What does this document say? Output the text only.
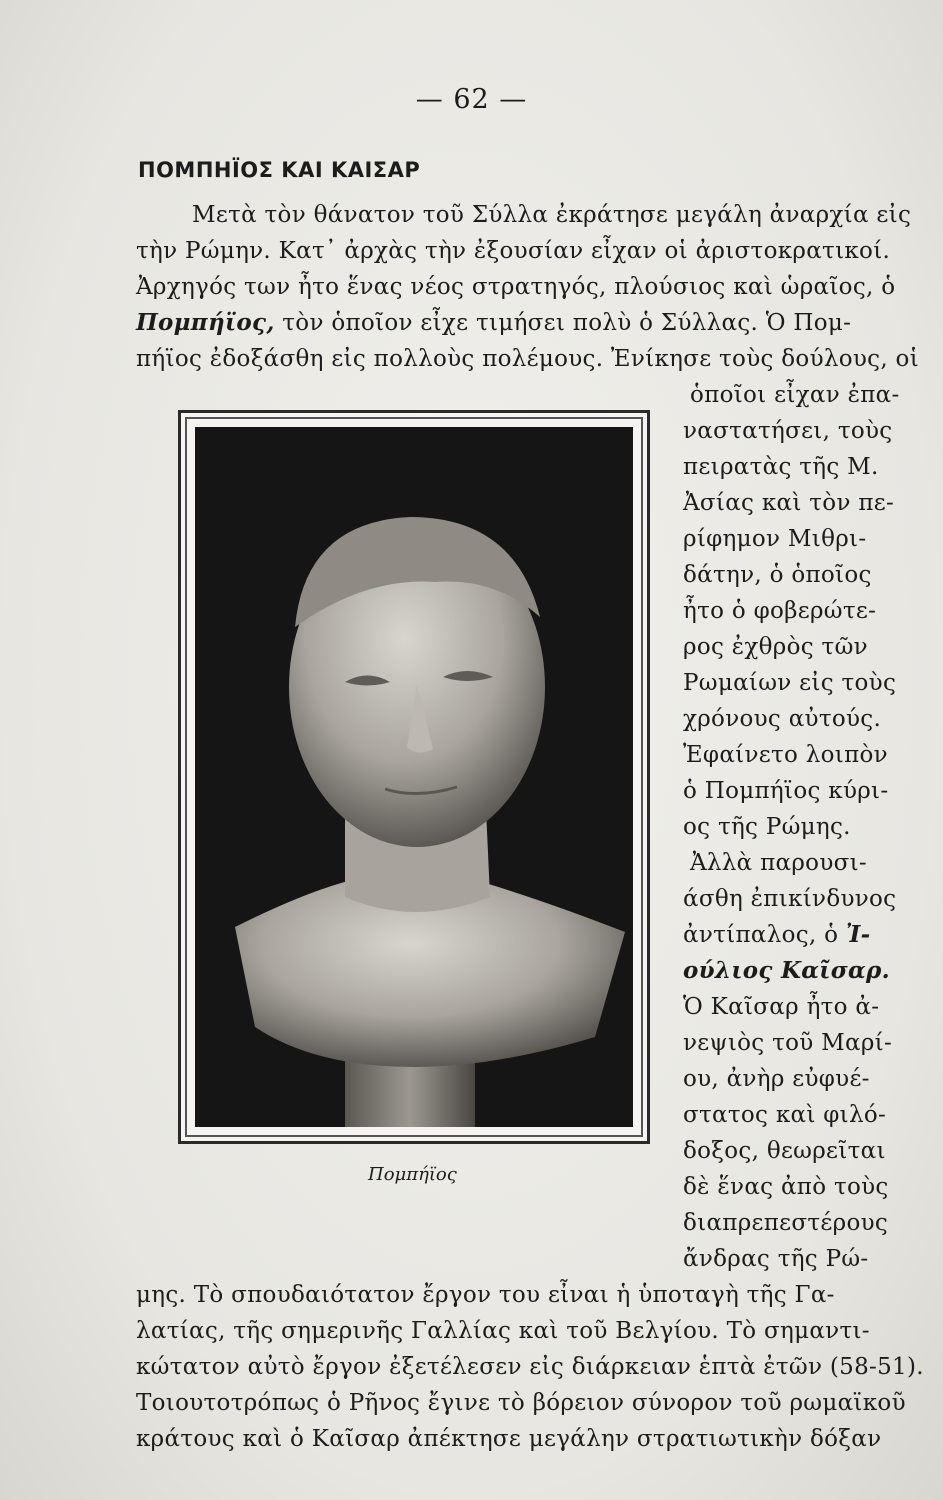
— 62 —
ΠΟΜΠΗΪΟΣ ΚΑΙ ΚΑΙΣΑΡ
Μετὰ τὸν θάνατον τοῦ Σύλλα ἐκράτησε μεγάλη ἀναρχία εἰς
τὴν Ρώμην. Κατ᾽ ἀρχὰς τὴν ἐξουσίαν εἶχαν οἱ ἀριστοκρατικοί.
Ἀρχηγός των ἦτο ἕνας νέος στρατηγός, πλούσιος καὶ ὡραῖος, ὁ
Πομπήϊος, τὸν ὁποῖον εἶχε τιμήσει πολὺ ὁ Σύλλας. Ὁ Πομ-
πήϊος ἐδοξάσθη εἰς πολλοὺς πολέμους. Ἐνίκησε τοὺς δούλους, οἱ
ὁποῖοι εἶχαν ἐπα-
ναστατήσει, τοὺς
πειρατὰς τῆς Μ.
Ἀσίας καὶ τὸν πε-
ρίφημον Μιθρι-
δάτην, ὁ ὁποῖος
ἦτο ὁ φοβερώτε-
ρος ἐχθρὸς τῶν
Ρωμαίων εἰς τοὺς
χρόνους αὐτούς.
Ἐφαίνετο λοιπὸν
ὁ Πομπήϊος κύρι-
ος τῆς Ρώμης.
Ἀλλὰ παρουσι-
άσθη ἐπικίνδυνος
ἀντίπαλος, ὁ Ἰ-
ούλιος Καῖσαρ.
Ὁ Καῖσαρ ἦτο ἀ-
νεψιὸς τοῦ Μαρί-
ου, ἀνὴρ εὐφυέ-
στατος καὶ φιλό-
δοξος, θεωρεῖται
δὲ ἕνας ἀπὸ τοὺς
διαπρεπεστέρους
ἄνδρας τῆς Ρώ-
μης. Τὸ σπουδαιότατον ἔργον του εἶναι ἡ ὑποταγὴ τῆς Γα-
λατίας, τῆς σημερινῆς Γαλλίας καὶ τοῦ Βελγίου. Τὸ σημαντι-
κώτατον αὐτὸ ἔργον ἐξετέλεσεν εἰς διάρκειαν ἑπτὰ ἐτῶν (58-51).
Τοιουτοτρόπως ὁ Ρῆνος ἔγινε τὸ βόρειον σύνορον τοῦ ρωμαϊκοῦ
κράτους καὶ ὁ Καῖσαρ ἀπέκτησε μεγάλην στρατιωτικὴν δόξαν
Πομπήϊος
